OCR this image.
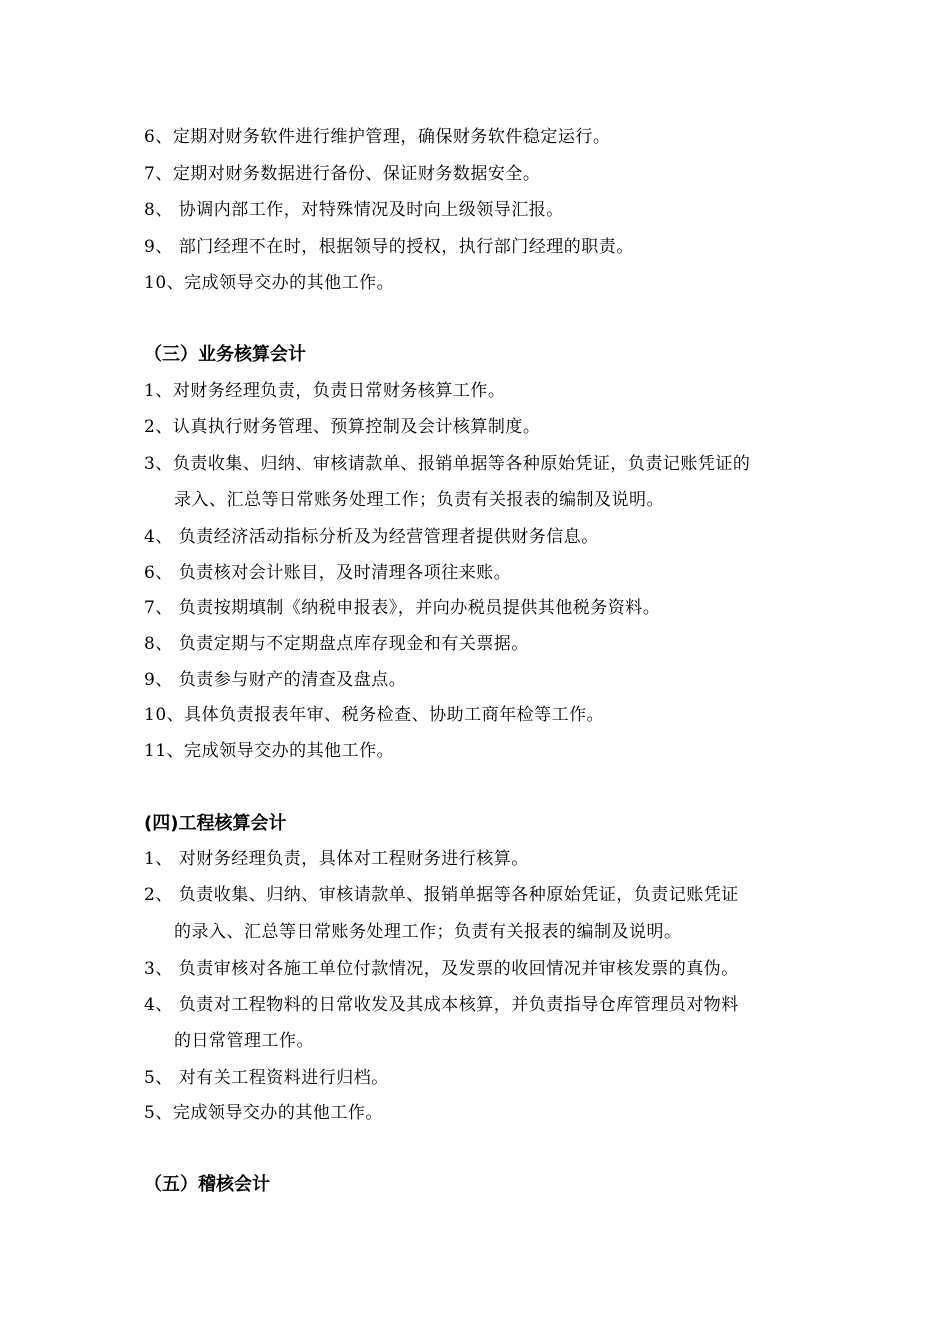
6、定期对财务软件进行维护管理，确保财务软件稳定运行。
7、定期对财务数据进行备份、保证财务数据安全。
8、 协调内部工作，对特殊情况及时向上级领导汇报。
9、 部门经理不在时，根据领导的授权，执行部门经理的职责。
10、完成领导交办的其他工作。
（三）业务核算会计
1、对财务经理负责，负责日常财务核算工作。
2、认真执行财务管理、预算控制及会计核算制度。
3、负责收集、归纳、审核请款单、报销单据等各种原始凭证，负责记账凭证的
录入、汇总等日常账务处理工作；负责有关报表的编制及说明。
4、 负责经济活动指标分析及为经营管理者提供财务信息。
6、 负责核对会计账目，及时清理各项往来账。
7、 负责按期填制《纳税申报表》，并向办税员提供其他税务资料。
8、 负责定期与不定期盘点库存现金和有关票据。
9、 负责参与财产的清查及盘点。
10、具体负责报表年审、税务检查、协助工商年检等工作。
11、完成领导交办的其他工作。
(四)工程核算会计
1、 对财务经理负责，具体对工程财务进行核算。
2、 负责收集、归纳、审核请款单、报销单据等各种原始凭证，负责记账凭证
的录入、汇总等日常账务处理工作；负责有关报表的编制及说明。
3、 负责审核对各施工单位付款情况，及发票的收回情况并审核发票的真伪。
4、 负责对工程物料的日常收发及其成本核算，并负责指导仓库管理员对物料
的日常管理工作。
5、 对有关工程资料进行归档。
5、完成领导交办的其他工作。
（五）稽核会计
